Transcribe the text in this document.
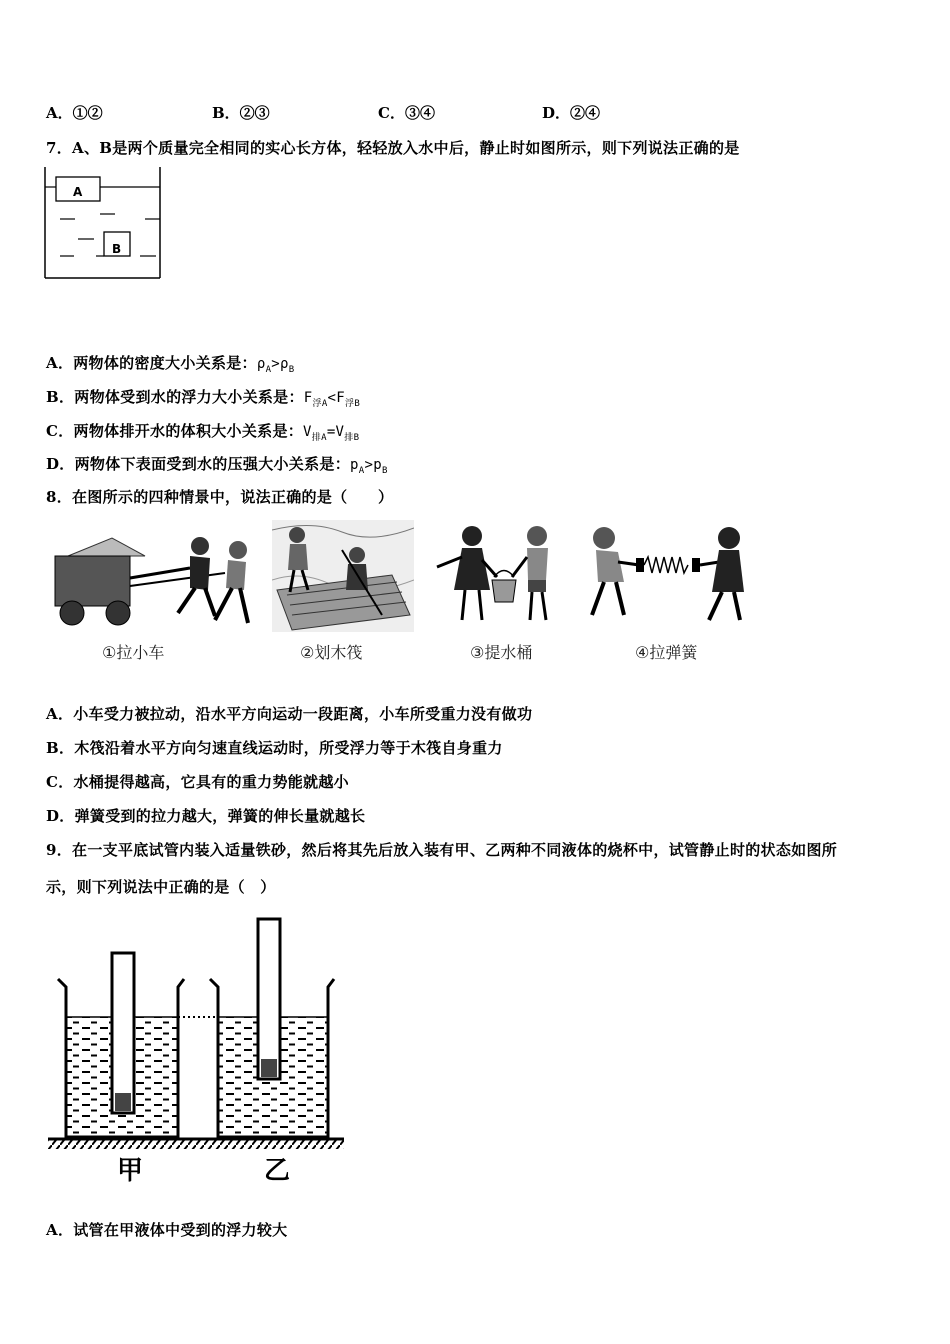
A．①②	B．②③	C．③④	D．②④
7．A、B是两个质量完全相同的实心长方体，轻轻放入水中后，静止时如图所示，则下列说法正确的是
A
B
A．两物体的密度大小关系是：$\rho_A>\rho_B$
B．两物体受到水的浮力大小关系是：$F_{浮A}<F_{浮B}$
C．两物体排开水的体积大小关系是：$V_{排A}=V_{排B}$
D．两物体下表面受到水的压强大小关系是：$p_A>p_B$
8．在图所示的四种情景中，说法正确的是（　　）
①拉小车	②划木筏	③提水桶	④拉弹簧
A．小车受力被拉动，沿水平方向运动一段距离，小车所受重力没有做功
B．木筏沿着水平方向匀速直线运动时，所受浮力等于木筏自身重力
C．水桶提得越高，它具有的重力势能就越小
D．弹簧受到的拉力越大，弹簧的伸长量就越长
9．在一支平底试管内装入适量铁砂，然后将其先后放入装有甲、乙两种不同液体的烧杯中，试管静止时的状态如图所
示，则下列说法中正确的是（　）
甲	乙
A．试管在甲液体中受到的浮力较大
